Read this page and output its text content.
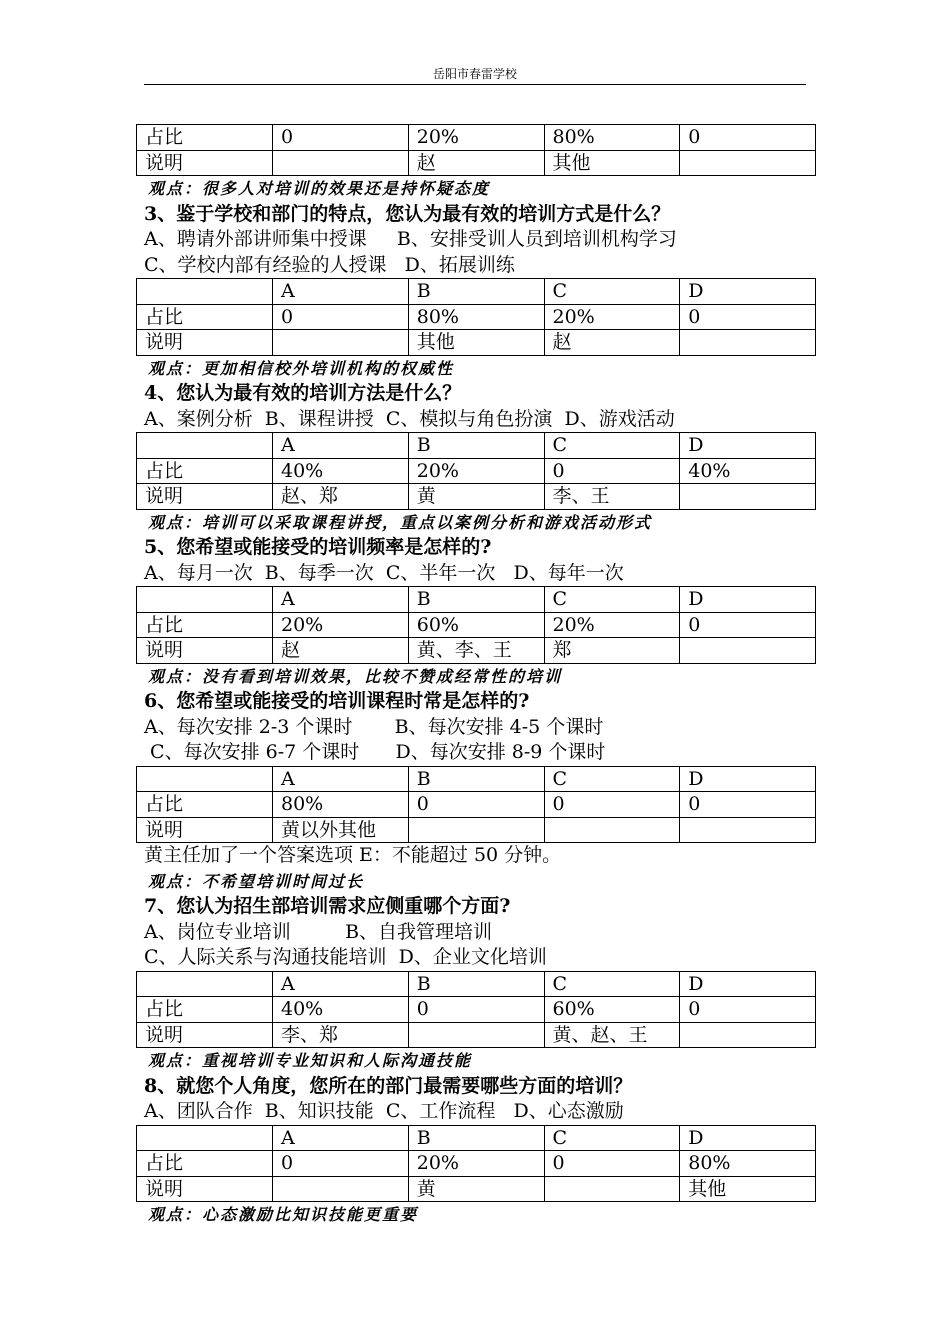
岳阳市春雷学校
占比	0	20%	80%	0
说明		赵	其他	
观点：很多人对培训的效果还是持怀疑态度
3、鉴于学校和部门的特点，您认为最有效的培训方式是什么？
A、聘请外部讲师集中授课     B、安排受训人员到培训机构学习
C、学校内部有经验的人授课   D、拓展训练
	A	B	C	D
占比	0	80%	20%	0
说明		其他	赵	
观点：更加相信校外培训机构的权威性
4、您认为最有效的培训方法是什么？
A、案例分析  B、课程讲授  C、模拟与角色扮演  D、游戏活动
	A	B	C	D
占比	40%	20%	0	40%
说明	赵、郑	黄	李、王	
观点：培训可以采取课程讲授，重点以案例分析和游戏活动形式
5、您希望或能接受的培训频率是怎样的?
A、每月一次  B、每季一次  C、半年一次   D、每年一次
	A	B	C	D
占比	20%	60%	20%	0
说明	赵	黄、李、王	郑	
观点：没有看到培训效果，比较不赞成经常性的培训
6、您希望或能接受的培训课程时常是怎样的?
A、每次安排 2-3 个课时       B、每次安排 4-5 个课时
C、每次安排 6-7 个课时      D、每次安排 8-9 个课时
	A	B	C	D
占比	80%	0	0	0
说明	黄以外其他			
黄主任加了一个答案选项 E：不能超过 50 分钟。
观点：不希望培训时间过长
7、您认为招生部培训需求应侧重哪个方面?
A、岗位专业培训         B、自我管理培训
C、人际关系与沟通技能培训  D、企业文化培训
	A	B	C	D
占比	40%	0	60%	0
说明	李、郑		黄、赵、王	
观点：重视培训专业知识和人际沟通技能
8、就您个人角度，您所在的部门最需要哪些方面的培训？
A、团队合作  B、知识技能  C、工作流程   D、心态激励
	A	B	C	D
占比	0	20%	0	80%
说明		黄		其他
观点：心态激励比知识技能更重要
